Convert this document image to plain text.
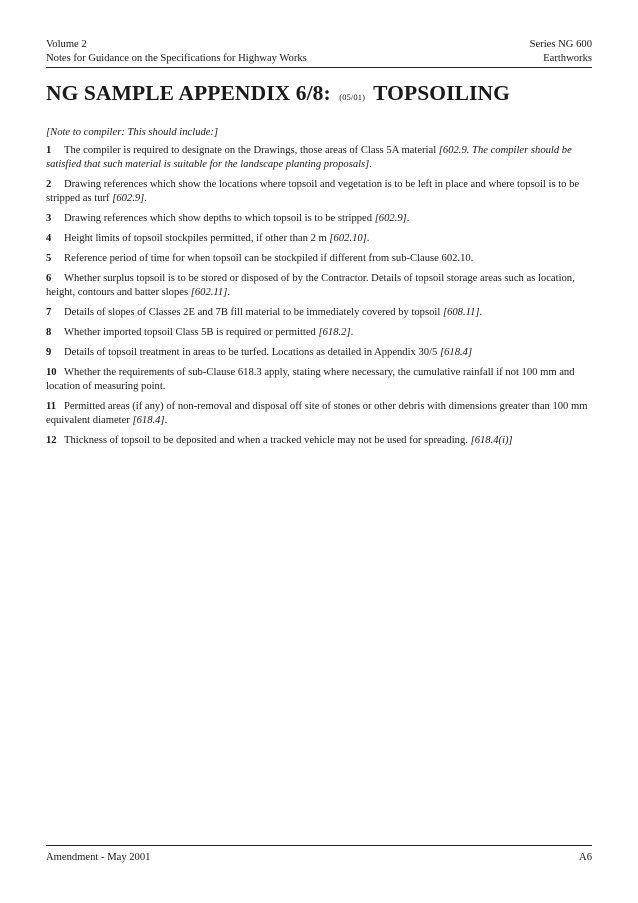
Volume 2
Notes for Guidance on the Specifications for Highway Works
Series NG 600
Earthworks
NG SAMPLE APPENDIX 6/8: (05/01) TOPSOILING
[Note to compiler: This should include:]
1 The compiler is required to designate on the Drawings, those areas of Class 5A material [602.9. The compiler should be satisfied that such material is suitable for the landscape planting proposals].
2 Drawing references which show the locations where topsoil and vegetation is to be left in place and where topsoil is to be stripped as turf [602.9].
3 Drawing references which show depths to which topsoil is to be stripped [602.9].
4 Height limits of topsoil stockpiles permitted, if other than 2 m [602.10].
5 Reference period of time for when topsoil can be stockpiled if different from sub-Clause 602.10.
6 Whether surplus topsoil is to be stored or disposed of by the Contractor. Details of topsoil storage areas such as location, height, contours and batter slopes [602.11].
7 Details of slopes of Classes 2E and 7B fill material to be immediately covered by topsoil [608.11].
8 Whether imported topsoil Class 5B is required or permitted [618.2].
9 Details of topsoil treatment in areas to be turfed. Locations as detailed in Appendix 30/5 [618.4]
10 Whether the requirements of sub-Clause 618.3 apply, stating where necessary, the cumulative rainfall if not 100 mm and location of measuring point.
11 Permitted areas (if any) of non-removal and disposal off site of stones or other debris with dimensions greater than 100 mm equivalent diameter [618.4].
12 Thickness of topsoil to be deposited and when a tracked vehicle may not be used for spreading. [618.4(i)]
Amendment - May 2001	A6
